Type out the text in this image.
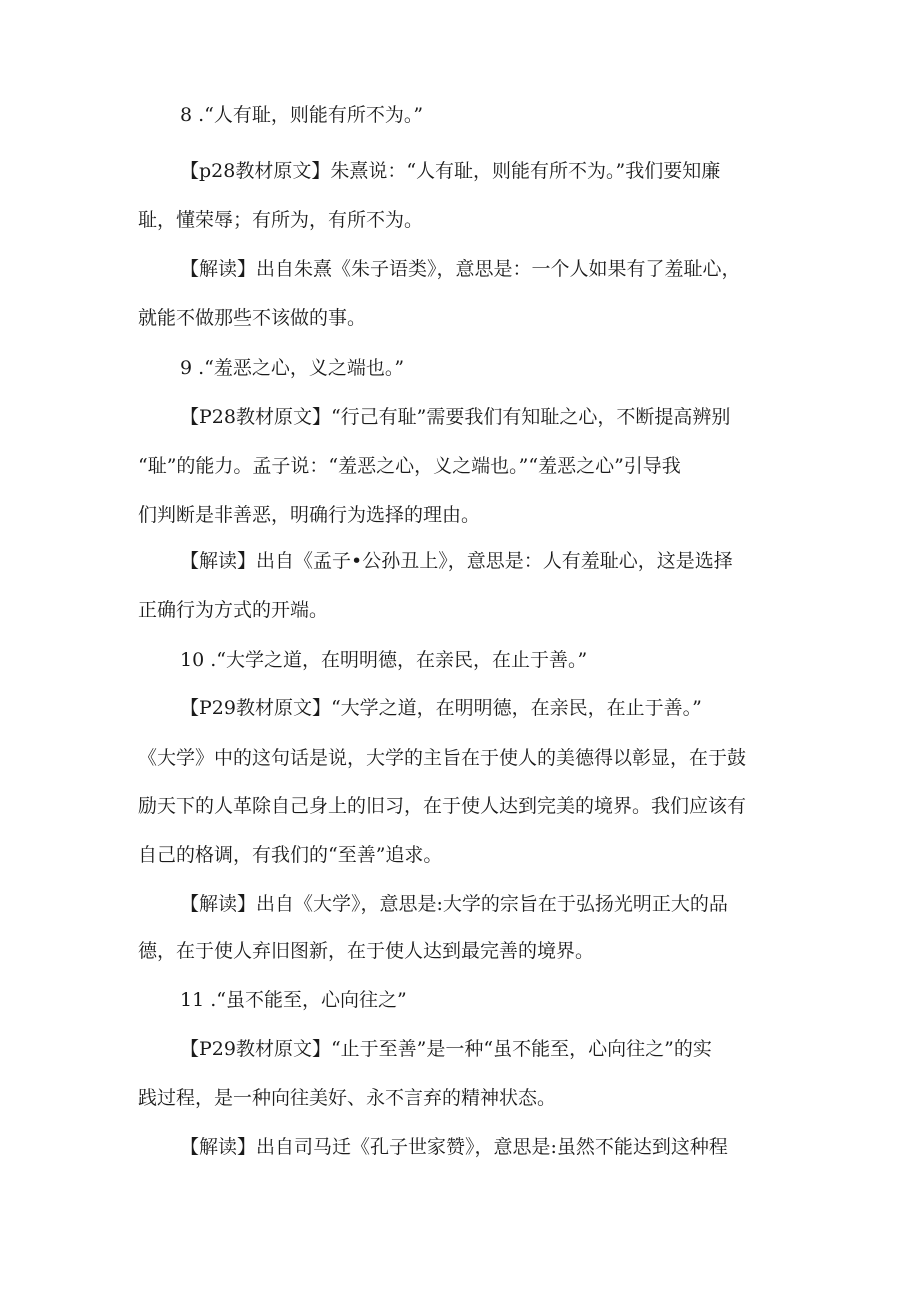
8 .“人有耻，则能有所不为。”
【p28教材原文】朱熹说：“人有耻，则能有所不为。”我们要知廉
耻，懂荣辱；有所为，有所不为。
【解读】出自朱熹《朱子语类》，意思是：一个人如果有了羞耻心，
就能不做那些不该做的事。
9 .“羞恶之心，义之端也。”
【P28教材原文】“行己有耻”需要我们有知耻之心，不断提高辨别
“耻”的能力。孟子说：“羞恶之心，义之端也。”“羞恶之心”引导我
们判断是非善恶，明确行为选择的理由。
【解读】出自《孟子•公孙丑上》，意思是：人有羞耻心，这是选择
正确行为方式的开端。
10 .“大学之道，在明明德，在亲民，在止于善。”
【P29教材原文】“大学之道，在明明德，在亲民，在止于善。”
《大学》中的这句话是说，大学的主旨在于使人的美德得以彰显，在于鼓
励天下的人革除自己身上的旧习，在于使人达到完美的境界。我们应该有
自己的格调，有我们的“至善”追求。
【解读】出自《大学》，意思是:大学的宗旨在于弘扬光明正大的品
德，在于使人弃旧图新，在于使人达到最完善的境界。
11 .“虽不能至，心向往之”
【P29教材原文】“止于至善”是一种“虽不能至，心向往之”的实
践过程，是一种向往美好、永不言弃的精神状态。
【解读】出自司马迁《孔子世家赞》，意思是:虽然不能达到这种程
